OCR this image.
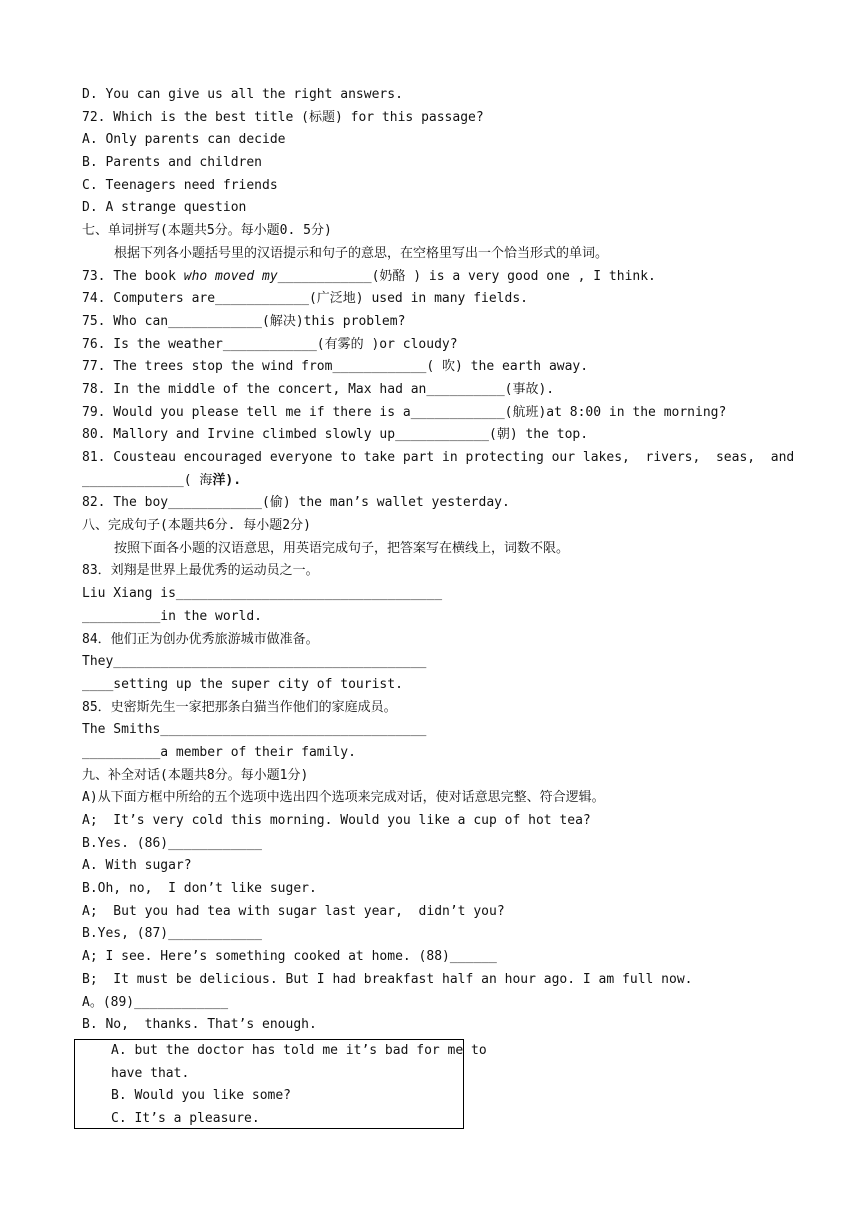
D. You can give us all the right answers.
72. Which is the best title (标题) for this passage?
A. Only parents can decide
B. Parents and children
C. Teenagers need friends
D. A strange question
七、单词拼写(本题共5分。每小题0. 5分)
根据下列各小题括号里的汉语提示和句子的意思，在空格里写出一个恰当形式的单词。
73. The book who moved my____________(奶酪 ) is a very good one , I think.
74. Computers are____________(广泛地) used in many fields.
75. Who can____________(解决)this problem?
76. Is the weather____________(有雾的 )or cloudy?
77. The trees stop the wind from____________( 吹) the earth away.
78. In the middle of the concert, Max had an__________(事故).
79. Would you please tell me if there is a____________(航班)at 8:00 in the morning?
80. Mallory and Irvine climbed slowly up____________(朝) the top.
81. Cousteau encouraged everyone to take part in protecting our lakes,  rivers,  seas,  and
_____________( 海洋).
82. The boy____________(偷) the man’s wallet yesterday.
八、完成句子(本题共6分. 每小题2分)
按照下面各小题的汉语意思，用英语完成句子，把答案写在横线上，词数不限。
83．刘翔是世界上最优秀的运动员之一。
Liu Xiang is__________________________________
__________in the world.
84．他们正为创办优秀旅游城市做准备。
They________________________________________
____setting up the super city of tourist.
85．史密斯先生一家把那条白猫当作他们的家庭成员。
The Smiths__________________________________
__________a member of their family.
九、补全对话(本题共8分。每小题1分)
A)从下面方框中所给的五个选项中选出四个选项来完成对话，使对话意思完整、符合逻辑。
A;  It’s very cold this morning. Would you like a cup of hot tea?
B.Yes. (86)____________
A. With sugar?
B.Oh, no,  I don’t like suger.
A;  But you had tea with sugar last year,  didn’t you?
B.Yes, (87)____________
A; I see. Here’s something cooked at home. (88)______
B;  It must be delicious. But I had breakfast half an hour ago. I am full now.
A。(89)____________
B. No,  thanks. That’s enough.
A. but the doctor has told me it’s bad for me to
have that.
B. Would you like some?
C. It’s a pleasure.
